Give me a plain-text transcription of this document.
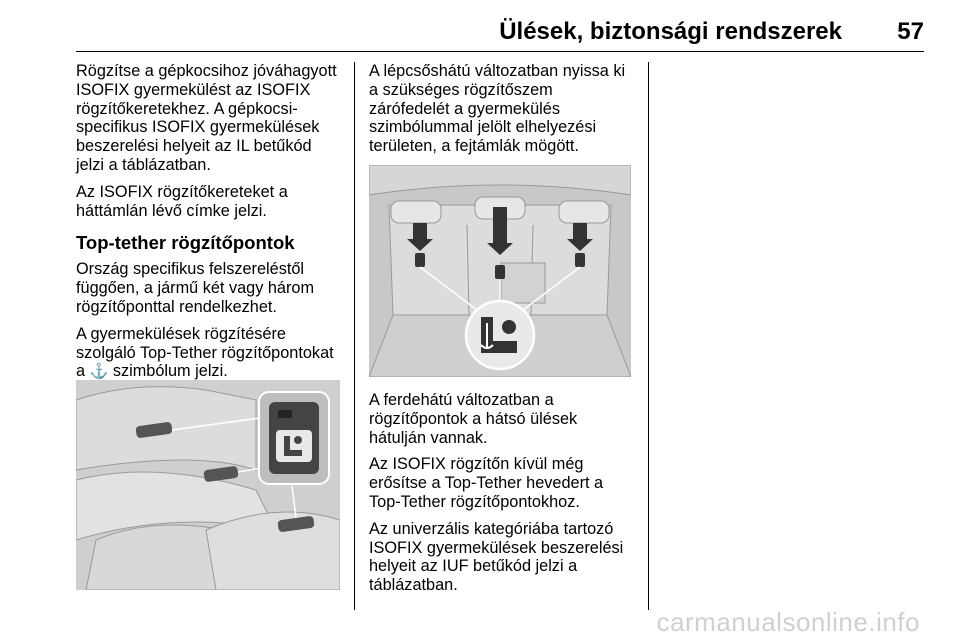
Ülések, biztonsági rendszerek 57

Rögzítse a gépkocsihoz jóváhagyott ISOFIX gyermekülést az ISOFIX rögzítőkeretekhez. A gépkocsi-specifikus ISOFIX gyermekülések beszerelési helyeit az IL betűkód jelzi a táblázatban.

Az ISOFIX rögzítőkereteket a háttámlán lévő címke jelzi.

Top-tether rögzítőpontok

Ország specifikus felszereléstől függően, a jármű két vagy három rögzítőponttal rendelkezhet.

A gyermekülések rögzítésére szolgáló Top-Tether rögzítőpontokat a ⚓ szimbólum jelzi.

A lépcsőshátú változatban nyissa ki a szükséges rögzítőszem zárófedelét a gyermekülés szimbólummal jelölt elhelyezési területen, a fejtámlák mögött.

A ferdehátú változatban a rögzítőpontok a hátsó ülések hátulján vannak.

Az ISOFIX rögzítőn kívül még erősítse a Top-Tether hevedert a Top-Tether rögzítőpontokhoz.

Az univerzális kategóriába tartozó ISOFIX gyermekülések beszerelési helyeit az IUF betűkód jelzi a táblázatban.

carmanualsonline.info
